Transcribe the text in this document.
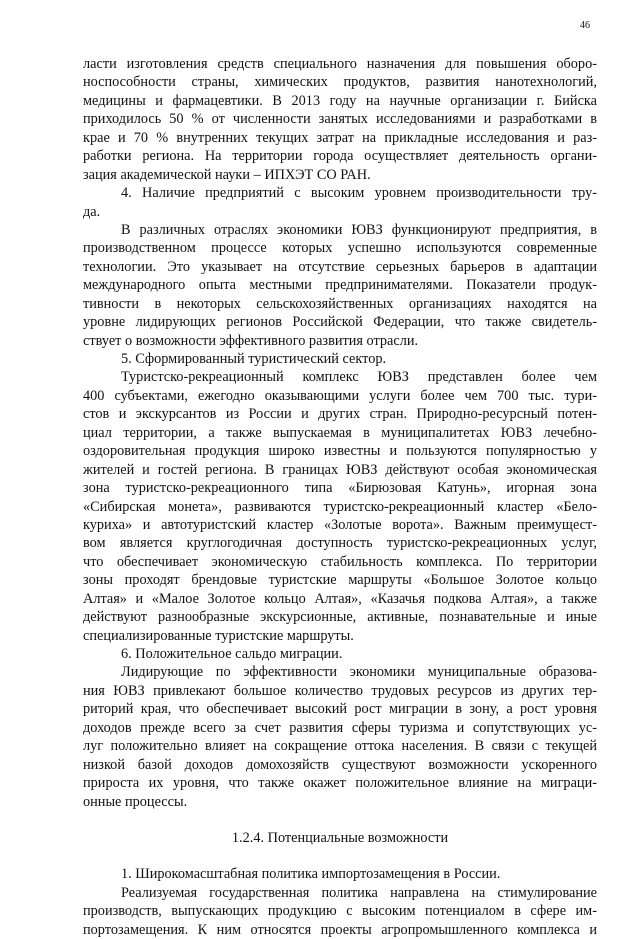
46
ласти изготовления средств специального назначения для повышения оборо-
носпособности страны, химических продуктов, развития нанотехнологий,
медицины и фармацевтики. В 2013 году на научные организации г. Бийска
приходилось 50 % от численности занятых исследованиями и разработками в
крае и 70 % внутренних текущих затрат на прикладные исследования и раз-
работки региона. На территории города осуществляет деятельность органи-
зация академической науки – ИПХЭТ СО РАН.
4. Наличие предприятий с высоким уровнем производительности тру-
да.
В различных отраслях экономики ЮВЗ функционируют предприятия, в
производственном процессе которых успешно используются современные
технологии. Это указывает на отсутствие серьезных барьеров в адаптации
международного опыта местными предпринимателями. Показатели продук-
тивности в некоторых сельскохозяйственных организациях находятся на
уровне лидирующих регионов Российской Федерации, что также свидетель-
ствует о возможности эффективного развития отрасли.
5. Сформированный туристический сектор.
Туристско-рекреационный комплекс ЮВЗ представлен более чем
400 субъектами, ежегодно оказывающими услуги более чем 700 тыс. тури-
стов и экскурсантов из России и других стран. Природно-ресурсный потен-
циал территории, а также выпускаемая в муниципалитетах ЮВЗ лечебно-
оздоровительная продукция широко известны и пользуются популярностью у
жителей и гостей региона. В границах ЮВЗ действуют особая экономическая
зона туристско-рекреационного типа «Бирюзовая Катунь», игорная зона
«Сибирская монета», развиваются туристско-рекреационный кластер «Бело-
куриха» и автотуристский кластер «Золотые ворота». Важным преимущест-
вом является круглогодичная доступность туристско-рекреационных услуг,
что обеспечивает экономическую стабильность комплекса. По территории
зоны проходят брендовые туристские маршруты «Большое Золотое кольцо
Алтая» и «Малое Золотое кольцо Алтая», «Казачья подкова Алтая», а также
действуют разнообразные экскурсионные, активные, познавательные и иные
специализированные туристские маршруты.
6. Положительное сальдо миграции.
Лидирующие по эффективности экономики муниципальные образова-
ния ЮВЗ привлекают большое количество трудовых ресурсов из других тер-
риторий края, что обеспечивает высокий рост миграции в зону, а рост уровня
доходов прежде всего за счет развития сферы туризма и сопутствующих ус-
луг положительно влияет на сокращение оттока населения. В связи с текущей
низкой базой доходов домохозяйств существуют возможности ускоренного
прироста их уровня, что также окажет положительное влияние на миграци-
онные процессы.
1.2.4. Потенциальные возможности
1. Широкомасштабная политика импортозамещения в России.
Реализуемая государственная политика направлена на стимулирование
производств, выпускающих продукцию с высоким потенциалом в сфере им-
портозамещения. К ним относятся проекты агропромышленного комплекса и
